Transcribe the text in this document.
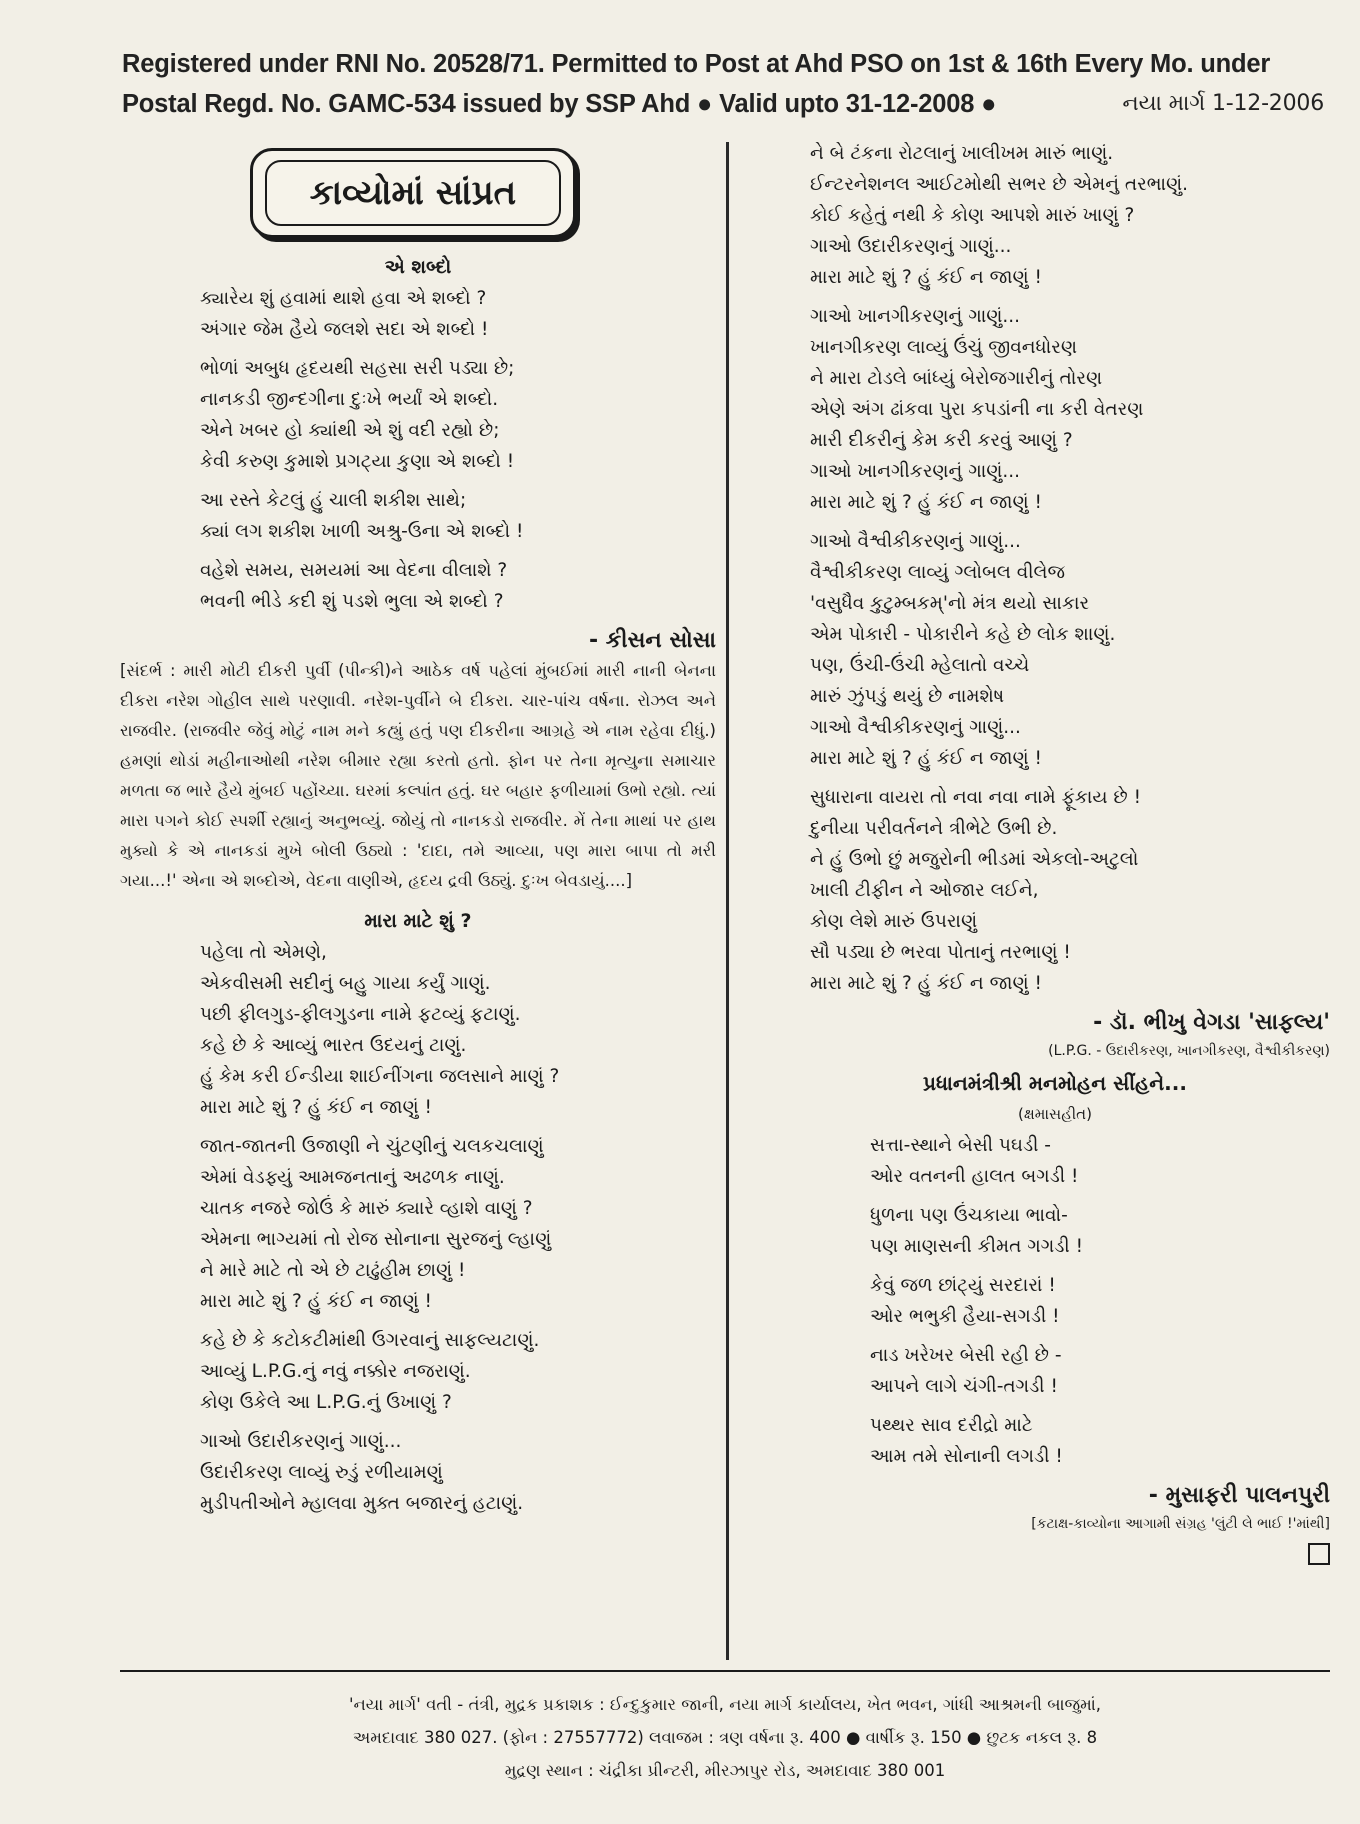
Registered under RNI No. 20528/71. Permitted to Post at Ahd PSO on 1st & 16th Every Mo. under
Postal Regd. No. GAMC-534 issued by SSP Ahd ● Valid upto 31-12-2008 ●	નયા માર્ગ 1-12-2006
કાવ્યોમાં સાંપ્રત
એ શબ્દો
ક્યારેય શું હવામાં થાશે હવા એ શબ્દો ?
અંગાર જેમ હૈયે જલશે સદા એ શબ્દો !
ભોળાં અબુધ હૃદયથી સહસા સરી પડ્યા છે;
નાનકડી જીન્દગીના દુઃખે ભર્યાં એ શબ્દો.
એને ખબર હો ક્યાંથી એ શું વદી રહ્યો છે;
કેવી કરુણ કુમાશે પ્રગટ્યા કુણા એ શબ્દો !
આ રસ્તે કેટલું હું ચાલી શકીશ સાથે;
ક્યાં લગ શકીશ ખાળી અશ્રુ-ઉના એ શબ્દો !
વહેશે સમય, સમયમાં આ વેદના વીલાશે ?
ભવની ભીડે કદી શું પડશે ભુલા એ શબ્દો ?
- કીસન સોસા
[સંદર્ભ : મારી મોટી દીકરી પુર્વી (પીન્કી)ને આઠેક વર્ષ પહેલાં મુંબઈમાં મારી નાની બેનના દીકરા નરેશ ગોહીલ સાથે પરણાવી. નરેશ-પુર્વીને બે દીકરા. ચાર-પાંચ વર્ષના. રોઝલ અને રાજવીર. (રાજવીર જેવું મોટું નામ મને કહ્યું હતું પણ દીકરીના આગ્રહે એ નામ રહેવા દીધું.) હમણાં થોડાં મહીનાઓથી નરેશ બીમાર રહ્યા કરતો હતો. ફોન પર તેના મૃત્યુના સમાચાર મળતા જ ભારે હૈયે મુંબઈ પહોંચ્યા. ઘરમાં કલ્પાંત હતું. ઘર બહાર ફળીયામાં ઉભો રહ્યો. ત્યાં મારા પગને કોઈ સ્પર્શી રહ્યાનું અનુભવ્યું. જોયું તો નાનકડો રાજવીર. મેં તેના માથાં પર હાથ મુક્યો કે એ નાનકડાં મુખે બોલી ઉઠ્યો : 'દાદા, તમે આવ્યા, પણ મારા બાપા તો મરી ગયા...!' એના એ શબ્દોએ, વેદના વાણીએ, હૃદય દ્રવી ઉઠ્યું. દુઃખ બેવડાયું....]
મારા માટે શું ?
પહેલા તો એમણે,
એકવીસમી સદીનું બહુ ગાયા કર્યું ગાણું.
પછી ફીલગુડ-ફીલગુડના નામે ફટવ્યું ફટાણું.
કહે છે કે આવ્યું ભારત ઉદયનું ટાણું.
હું કેમ કરી ઈન્ડીયા શાઈનીંગના જલસાને માણું ?
મારા માટે શું ? હું કંઈ ન જાણું !
જાત-જાતની ઉજાણી ને ચુંટણીનું ચલકચલાણું
એમાં વેડફ્યું આમજનતાનું અઢળક નાણું.
ચાતક નજરે જોઉં કે મારું ક્યારે વ્હાશે વાણું ?
એમના ભાગ્યમાં તો રોજ સોનાના સુરજનું લ્હાણું
ને મારે માટે તો એ છે ટાઢુંહીમ છાણું !
મારા માટે શું ? હું કંઈ ન જાણું !
કહે છે કે કટોકટીમાંથી ઉગરવાનું સાફલ્યટાણું.
આવ્યું L.P.G.નું નવું નક્કોર નજરાણું.
કોણ ઉકેલે આ L.P.G.નું ઉખાણું ?
ગાઓ ઉદારીકરણનું ગાણું...
ઉદારીકરણ લાવ્યું રુડું રળીયામણું
મુડીપતીઓને મ્હાલવા મુક્ત બજારનું હટાણું.
ને બે ટંકના રોટલાનું ખાલીખમ મારું ભાણું.
ઈન્ટરનેશનલ આઈટમોથી સભર છે એમનું તરભાણું.
કોઈ કહેતું નથી કે કોણ આપશે મારું ખાણું ?
ગાઓ ઉદારીકરણનું ગાણું...
મારા માટે શું ? હું કંઈ ન જાણું !
ગાઓ ખાનગીકરણનું ગાણું...
ખાનગીકરણ લાવ્યું ઉંચું જીવનધોરણ
ને મારા ટોડલે બાંધ્યું બેરોજગારીનું તોરણ
એણે અંગ ઢાંકવા પુરા કપડાંની ના કરી વેતરણ
મારી દીકરીનું કેમ કરી કરવું આણું ?
ગાઓ ખાનગીકરણનું ગાણું...
મારા માટે શું ? હું કંઈ ન જાણું !
ગાઓ વૈશ્વીકીકરણનું ગાણું...
વૈશ્વીકીકરણ લાવ્યું ગ્લોબલ વીલેજ
'વસુધૈવ કુટુમ્બકમ્'નો મંત્ર થયો સાકાર
એમ પોકારી - પોકારીને કહે છે લોક શાણું.
પણ, ઉંચી-ઉંચી મ્હેલાતો વચ્ચે
મારું ઝુંપડું થયું છે નામશેષ
ગાઓ વૈશ્વીકીકરણનું ગાણું...
મારા માટે શું ? હું કંઈ ન જાણું !
સુધારાના વાયરા તો નવા નવા નામે ફૂંકાય છે !
દુનીયા પરીવર્તનને ત્રીભેટે ઉભી છે.
ને હું ઉભો છું મજુરોની ભીડમાં એકલો-અટુલો
ખાલી ટીફીન ને ઓજાર લઈને,
કોણ લેશે મારું ઉપરાણું
સૌ પડ્યા છે ભરવા પોતાનું તરભાણું !
મારા માટે શું ? હું કંઈ ન જાણું !
- ડૉ. ભીખુ વેગડા 'સાફલ્ય'
(L.P.G. - ઉદારીકરણ, ખાનગીકરણ, વૈશ્વીકીકરણ)
પ્રધાનમંત્રીશ્રી મનમોહન સીંહને...
(ક્ષમાસહીત)
સત્તા-સ્થાને બેસી પઘડી -
ઓર વતનની હાલત બગડી !
ધુળના પણ ઉંચકાયા ભાવો-
પણ માણસની કીમત ગગડી !
કેવું જળ છાંટ્યું સરદારાં !
ઓર ભભુકી હૈયા-સગડી !
નાડ ખરેખર બેસી રહી છે -
આપને લાગે ચંગી-તગડી !
પથ્થર સાવ દરીદ્રો માટે
આમ તમે સોનાની લગડી !
- મુસાફરી પાલનપુરી
[કટાક્ષ-કાવ્યોના આગામી સંગ્રહ 'લુંટી લે ભાઈ !'માંથી]
'નયા માર્ગ' વતી - તંત્રી, મુદ્રક પ્રકાશક : ઈન્દુકુમાર જાની, નયા માર્ગ કાર્યાલય, ખેત ભવન, ગાંધી આશ્રમની બાજુમાં,
અમદાવાદ 380 027. (ફોન : 27557772) લવાજમ : ત્રણ વર્ષના રૂ. 400 ● વાર્ષીક રૂ. 150 ● છુટક નકલ રૂ. 8
મુદ્રણ સ્થાન : ચંદ્રીકા પ્રીન્ટરી, મીરઝાપુર રોડ, અમદાવાદ 380 001
